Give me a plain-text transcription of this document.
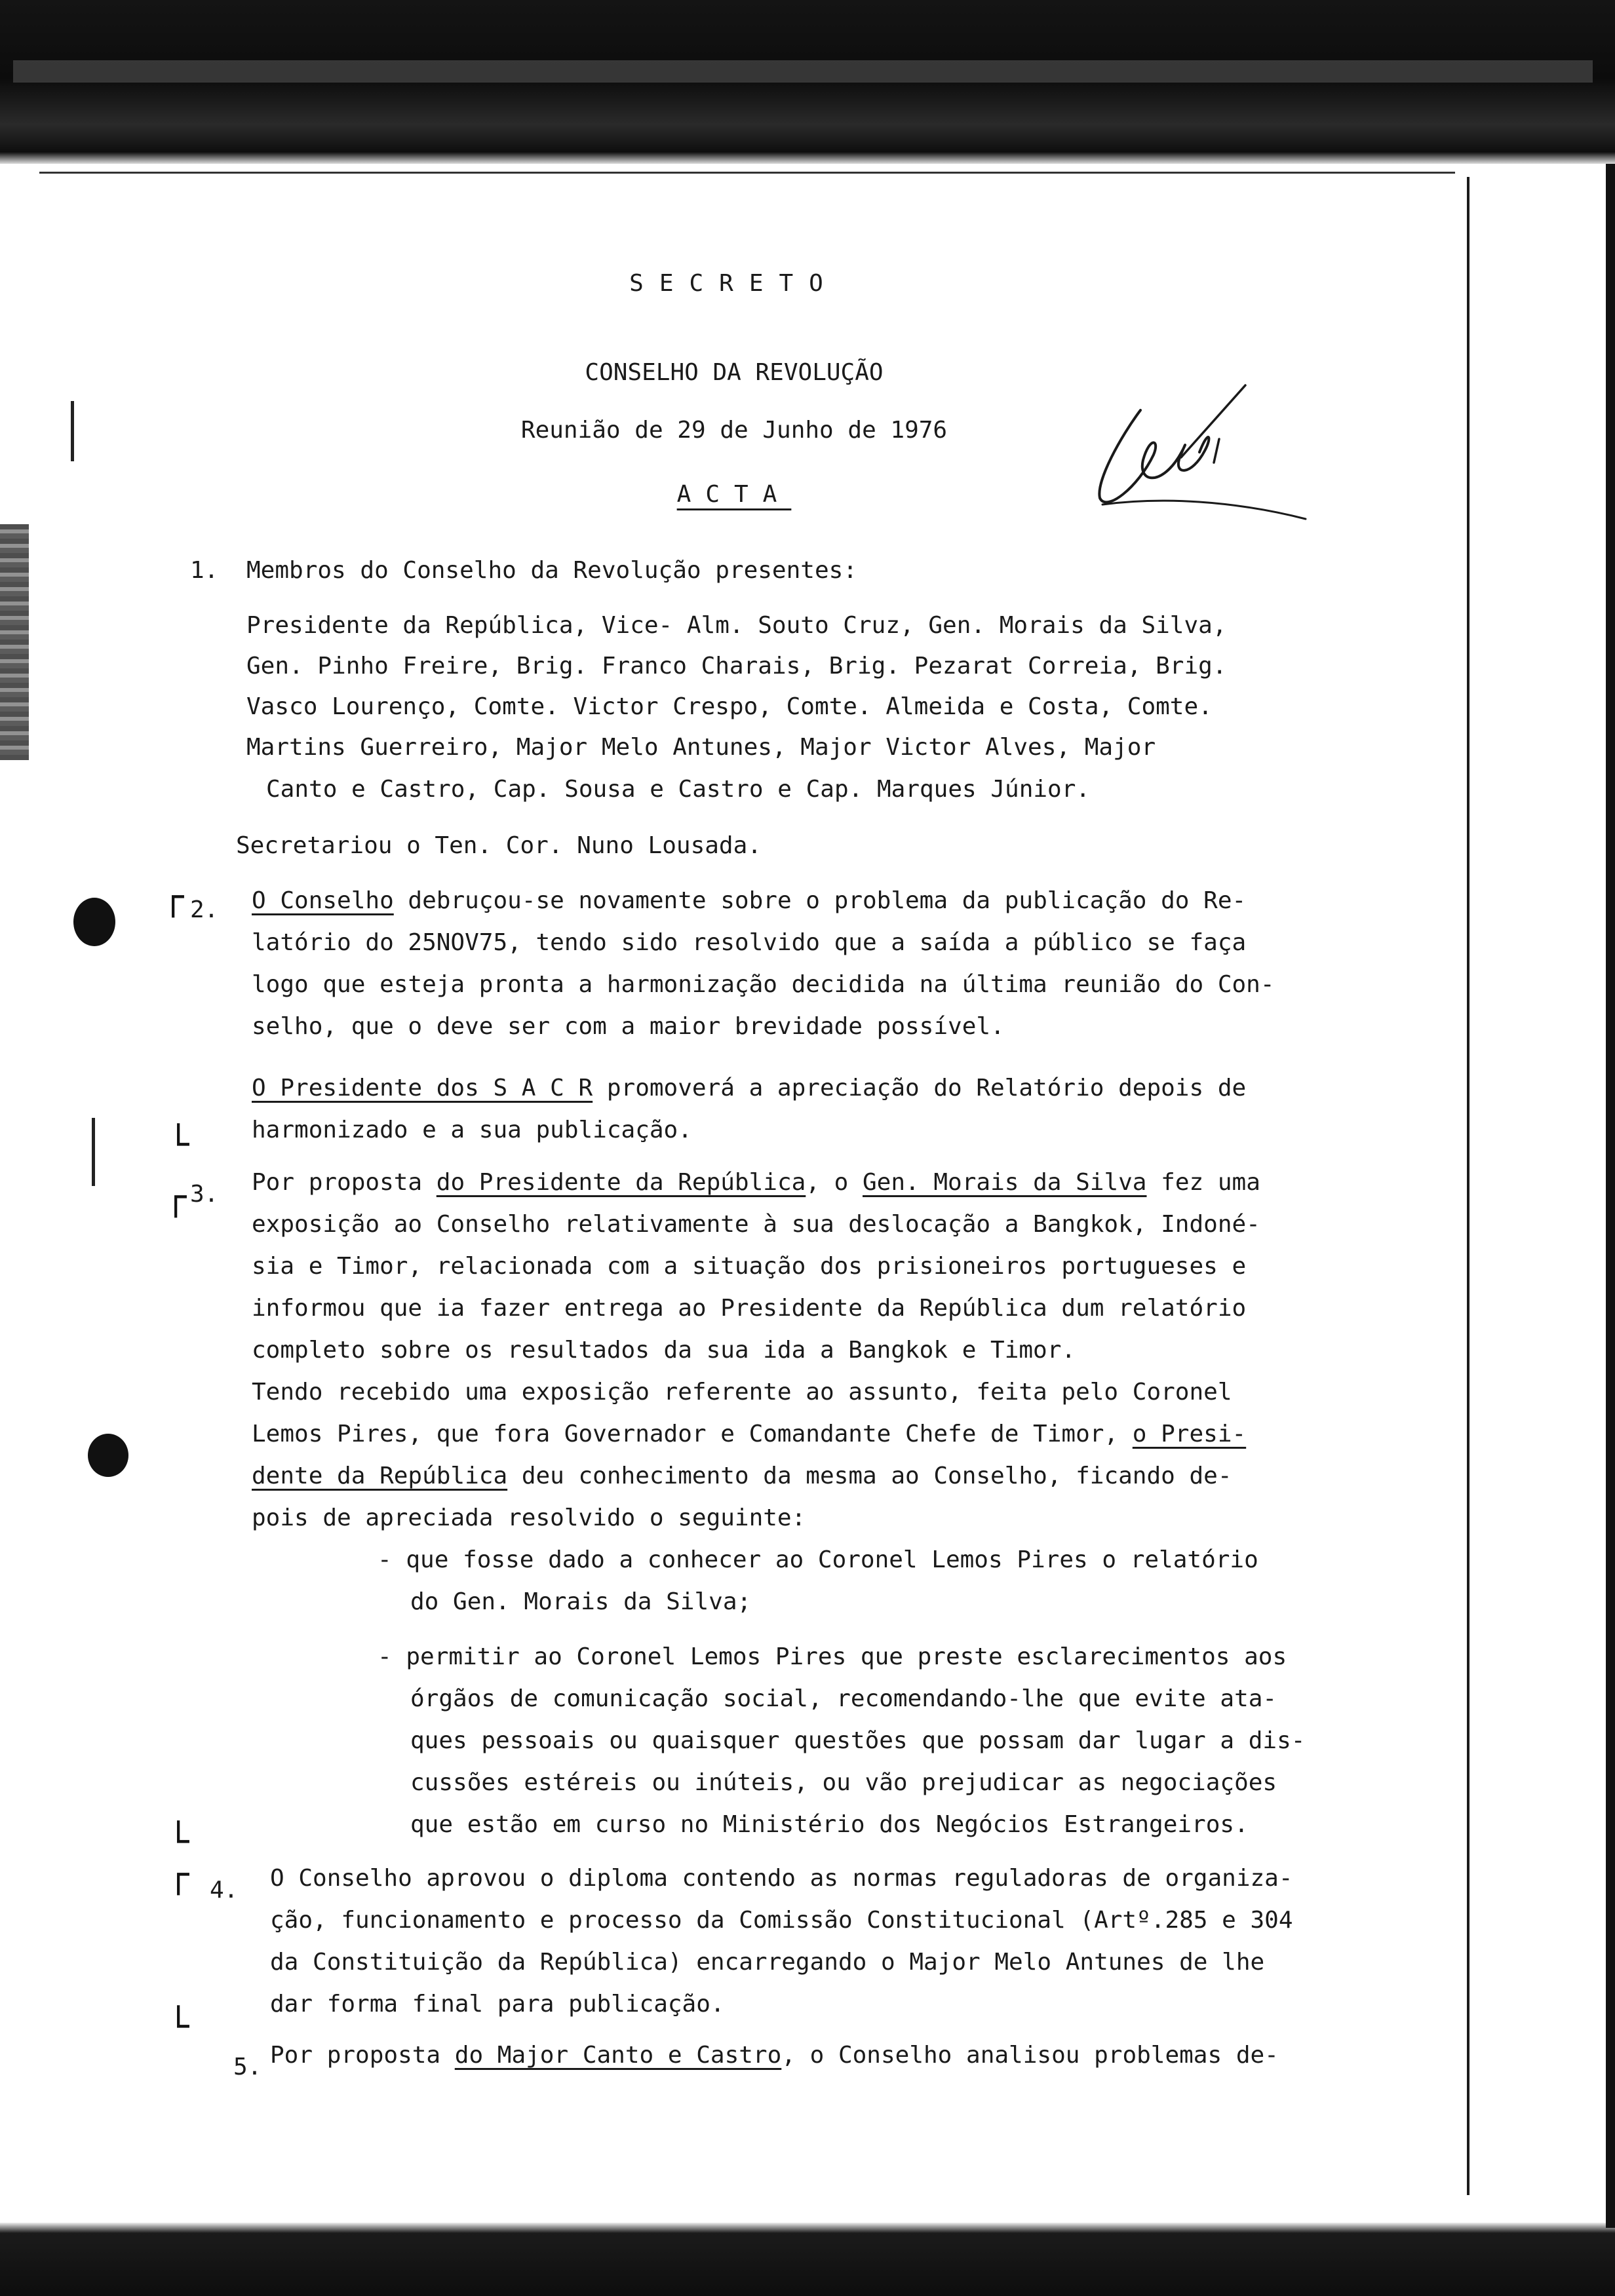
┌
└
┌
└
┌
└
SECRETO
CONSELHO DA REVOLUÇÃO
Reunião de 29 de Junho de 1976
ACTA
1.
2.
3.
4.
5.

Membros do Conselho da Revolução presentes:

Presidente da República, Vice- Alm. Souto Cruz, Gen. Morais da Silva,

Gen. Pinho Freire, Brig. Franco Charais, Brig. Pezarat Correia, Brig.

Vasco Lourenço, Comte. Victor Crespo, Comte. Almeida e Costa, Comte.

Martins Guerreiro, Major Melo Antunes, Major Victor Alves, Major

Canto e Castro, Cap. Sousa e Castro e Cap. Marques Júnior.

Secretariou o Ten. Cor. Nuno Lousada.

O Conselho debruçou-se novamente sobre o problema da publicação do Re-

latório do 25NOV75, tendo sido resolvido que a saída a público se faça

logo que esteja pronta a harmonização decidida na última reunião do Con-

selho, que o deve ser com a maior brevidade possível.

O Presidente dos S A C R promoverá a apreciação do Relatório depois de

harmonizado e a sua publicação.

Por proposta do Presidente da República, o Gen. Morais da Silva fez uma

exposição ao Conselho relativamente à sua deslocação a Bangkok, Indoné-

sia e Timor, relacionada com a situação dos prisioneiros portugueses e

informou que ia fazer entrega ao Presidente da República dum relatório

completo sobre os resultados da sua ida a Bangkok e Timor.

Tendo recebido uma exposição referente ao assunto, feita pelo Coronel

Lemos Pires, que fora Governador e Comandante Chefe de Timor, o Presi-

dente da República deu conhecimento da mesma ao Conselho, ficando de-

pois de apreciada resolvido o seguinte:

- que fosse dado a conhecer ao Coronel Lemos Pires o relatório

do Gen. Morais da Silva;

- permitir ao Coronel Lemos Pires que preste esclarecimentos aos

órgãos de comunicação social, recomendando-lhe que evite ata-

ques pessoais ou quaisquer questões que possam dar lugar a dis-

cussões estéreis ou inúteis, ou vão prejudicar as negociações

que estão em curso no Ministério dos Negócios Estrangeiros.

O Conselho aprovou o diploma contendo as normas reguladoras de organiza-

ção, funcionamento e processo da Comissão Constitucional (Artº.285 e 304

da Constituição da República) encarregando o Major Melo Antunes de lhe

dar forma final para publicação.

Por proposta do Major Canto e Castro, o Conselho analisou problemas de-
